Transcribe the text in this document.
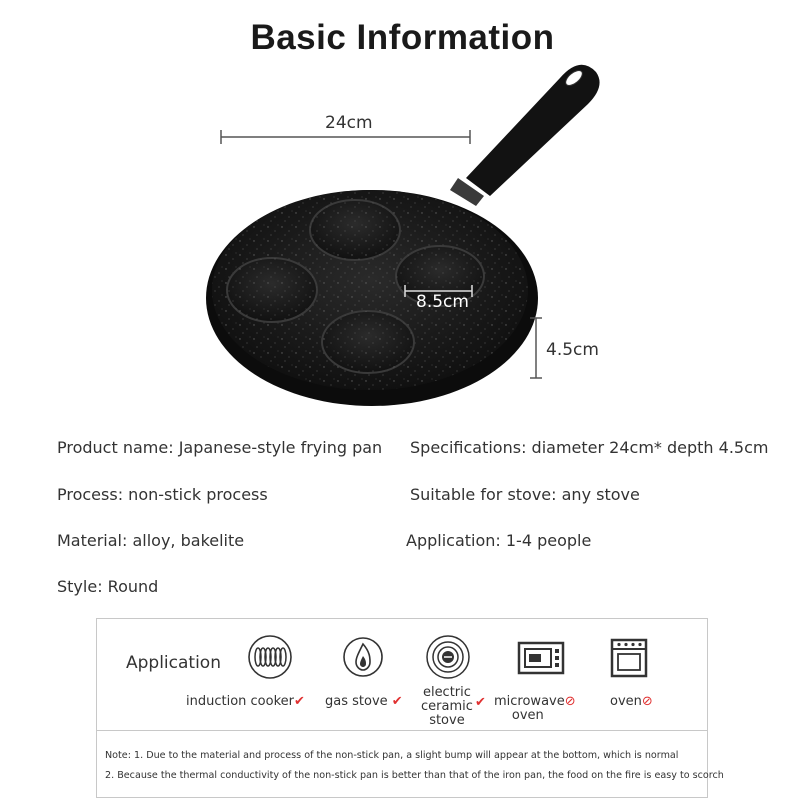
Basic Information
24cm
8.5cm
4.5cm
Product name: Japanese-style frying pan Specifications: diameter 24cm* depth 4.5cm
Process: non-stick process	Suitable for stove: any stove
Material: alloy, bakelite	Application: 1-4 people
Style: Round
Application
induction cooker✔ gas stove ✔
electric
ceramic
stove
✔ microwave⊘
oven
oven⊘
Note: 1. Due to the material and process of the non-stick pan, a slight bump will appear at the bottom, which is normal
2. Because the thermal conductivity of the non-stick pan is better than that of the iron pan, the food on the fire is easy to scorch
